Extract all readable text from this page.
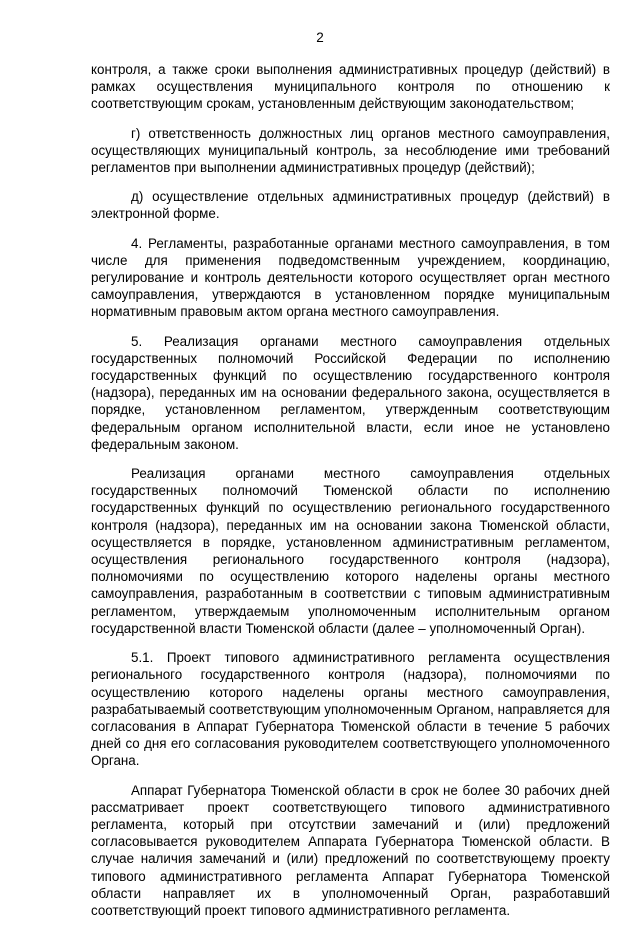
2

контроля, а также сроки выполнения административных процедур (действий) в рамках осуществления муниципального контроля по отношению к соответствующим срокам, установленным действующим законодательством;

г) ответственность должностных лиц органов местного самоуправления, осуществляющих муниципальный контроль, за несоблюдение ими требований регламентов при выполнении административных процедур (действий);

д) осуществление отдельных административных процедур (действий) в электронной форме.

4. Регламенты, разработанные органами местного самоуправления, в том числе для применения подведомственным учреждением, координацию, регулирование и контроль деятельности которого осуществляет орган местного самоуправления, утверждаются в установленном порядке муниципальным нормативным правовым актом органа местного самоуправления.

5. Реализация органами местного самоуправления отдельных государственных полномочий Российской Федерации по исполнению государственных функций по осуществлению государственного контроля (надзора), переданных им на основании федерального закона, осуществляется в порядке, установленном регламентом, утвержденным соответствующим федеральным органом исполнительной власти, если иное не установлено федеральным законом.

Реализация органами местного самоуправления отдельных государственных полномочий Тюменской области по исполнению государственных функций по осуществлению регионального государственного контроля (надзора), переданных им на основании закона Тюменской области, осуществляется в порядке, установленном административным регламентом, осуществления регионального государственного контроля (надзора), полномочиями по осуществлению которого наделены органы местного самоуправления, разработанным в соответствии с типовым административным регламентом, утверждаемым уполномоченным исполнительным органом государственной власти Тюменской области (далее – уполномоченный Орган).

5.1. Проект типового административного регламента осуществления регионального государственного контроля (надзора), полномочиями по осуществлению которого наделены органы местного самоуправления, разрабатываемый соответствующим уполномоченным Органом, направляется для согласования в Аппарат Губернатора Тюменской области в течение 5 рабочих дней со дня его согласования руководителем соответствующего уполномоченного Органа.

Аппарат Губернатора Тюменской области в срок не более 30 рабочих дней рассматривает проект соответствующего типового административного регламента, который при отсутствии замечаний и (или) предложений согласовывается руководителем Аппарата Губернатора Тюменской области. В случае наличия замечаний и (или) предложений по соответствующему проекту типового административного регламента Аппарат Губернатора Тюменской области направляет их в уполномоченный Орган, разработавший соответствующий проект типового административного регламента.
